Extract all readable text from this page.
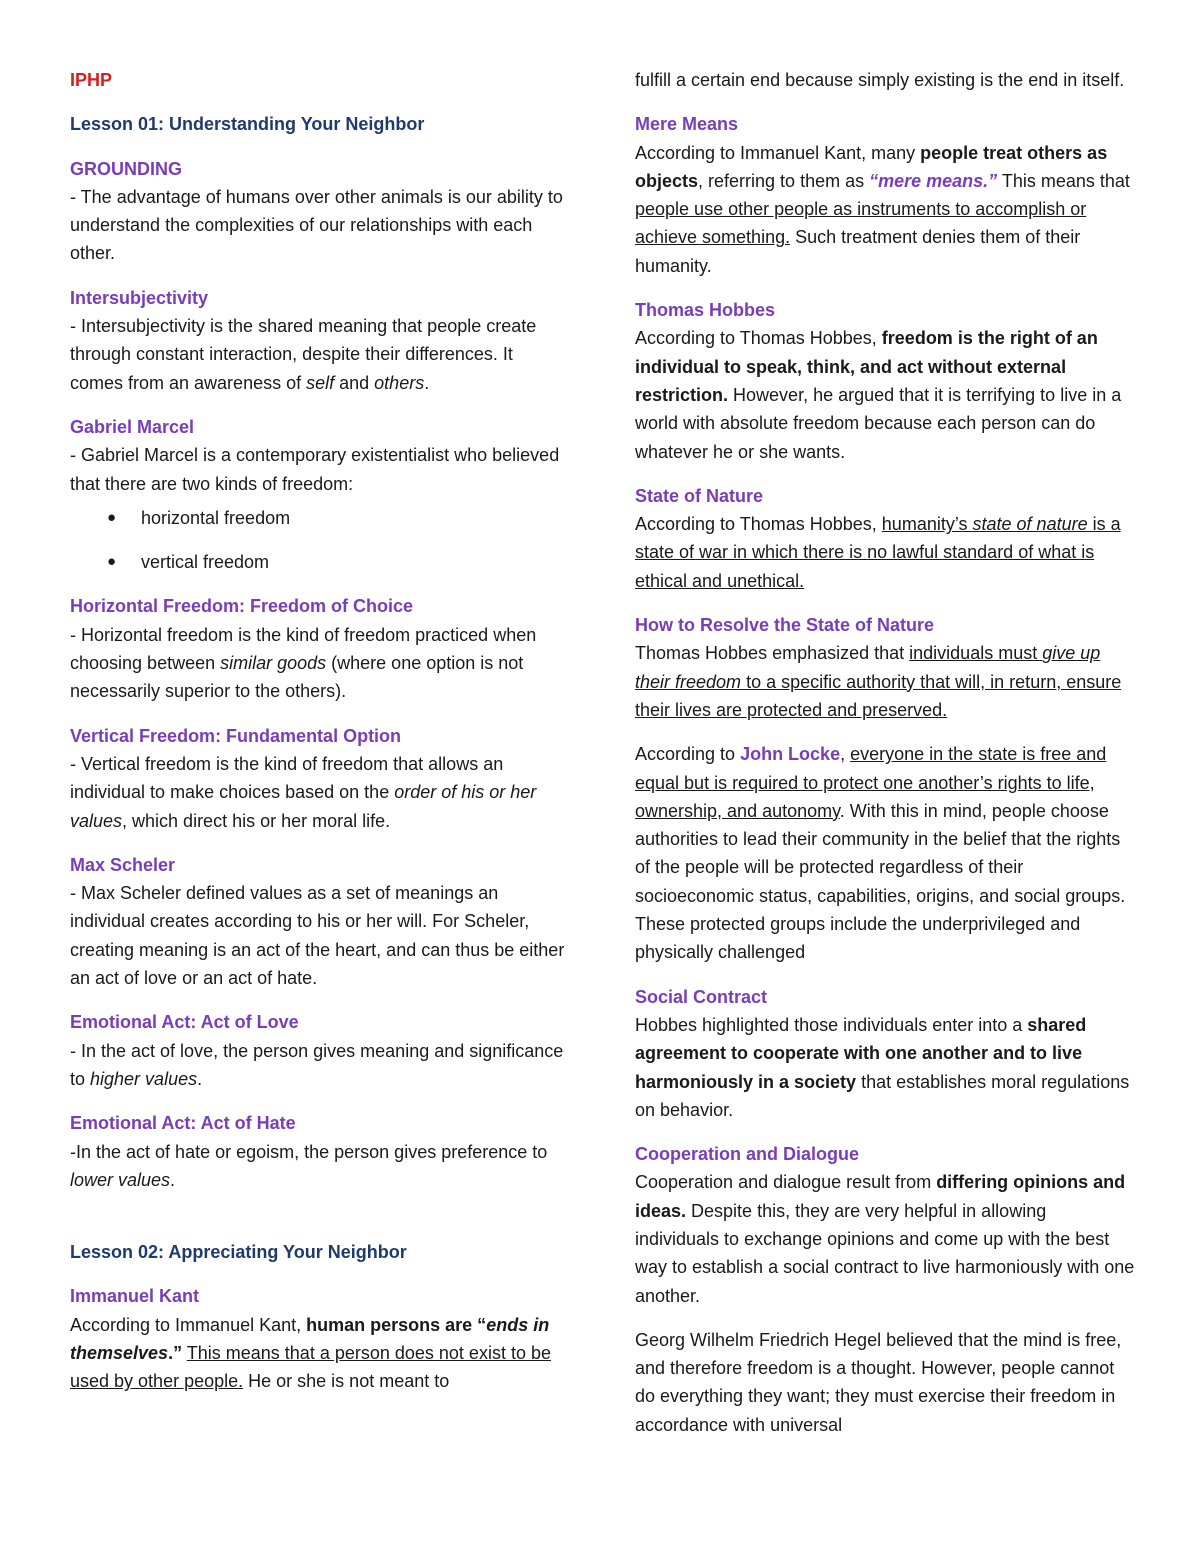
IPHP
Lesson 01: Understanding Your Neighbor
GROUNDING

- The advantage of humans over other animals is our ability to understand the complexities of our relationships with each other.

Intersubjectivity

- Intersubjectivity is the shared meaning that people create through constant interaction, despite their differences. It comes from an awareness of self and others.

Gabriel Marcel

- Gabriel Marcel is a contemporary existentialist who believed that there are two kinds of freedom:

● horizontal freedom
● vertical freedom
Horizontal Freedom: Freedom of Choice

- Horizontal freedom is the kind of freedom practiced when choosing between similar goods (where one option is not necessarily superior to the others).

Vertical Freedom: Fundamental Option

- Vertical freedom is the kind of freedom that allows an individual to make choices based on the order of his or her values, which direct his or her moral life.

Max Scheler

- Max Scheler defined values as a set of meanings an individual creates according to his or her will. For Scheler, creating meaning is an act of the heart, and can thus be either an act of love or an act of hate.

Emotional Act: Act of Love

- In the act of love, the person gives meaning and significance to higher values.

Emotional Act: Act of Hate

-In the act of hate or egoism, the person gives preference to lower values.

Lesson 02: Appreciating Your Neighbor
Immanuel Kant

According to Immanuel Kant, human persons are “ends in themselves.” This means that a person does not exist to be used by other people. He or she is not meant to

fulfill a certain end because simply existing is the end in itself.

Mere Means

According to Immanuel Kant, many people treat others as objects, referring to them as “mere means.” This means that people use other people as instruments to accomplish or achieve something. Such treatment denies them of their humanity.

Thomas Hobbes

According to Thomas Hobbes, freedom is the right of an individual to speak, think, and act without external restriction. However, he argued that it is terrifying to live in a world with absolute freedom because each person can do whatever he or she wants.

State of Nature

According to Thomas Hobbes, humanity’s state of nature is a state of war in which there is no lawful standard of what is ethical and unethical.

How to Resolve the State of Nature

Thomas Hobbes emphasized that individuals must give up their freedom to a specific authority that will, in return, ensure their lives are protected and preserved.

According to John Locke, everyone in the state is free and equal but is required to protect one another’s rights to life, ownership, and autonomy. With this in mind, people choose authorities to lead their community in the belief that the rights of the people will be protected regardless of their socioeconomic status, capabilities, origins, and social groups. These protected groups include the underprivileged and physically challenged

Social Contract

Hobbes highlighted those individuals enter into a shared agreement to cooperate with one another and to live harmoniously in a society that establishes moral regulations on behavior.

Cooperation and Dialogue

Cooperation and dialogue result from differing opinions and ideas. Despite this, they are very helpful in allowing individuals to exchange opinions and come up with the best way to establish a social contract to live harmoniously with one another.

Georg Wilhelm Friedrich Hegel believed that the mind is free, and therefore freedom is a thought. However, people cannot do everything they want; they must exercise their freedom in accordance with universal
